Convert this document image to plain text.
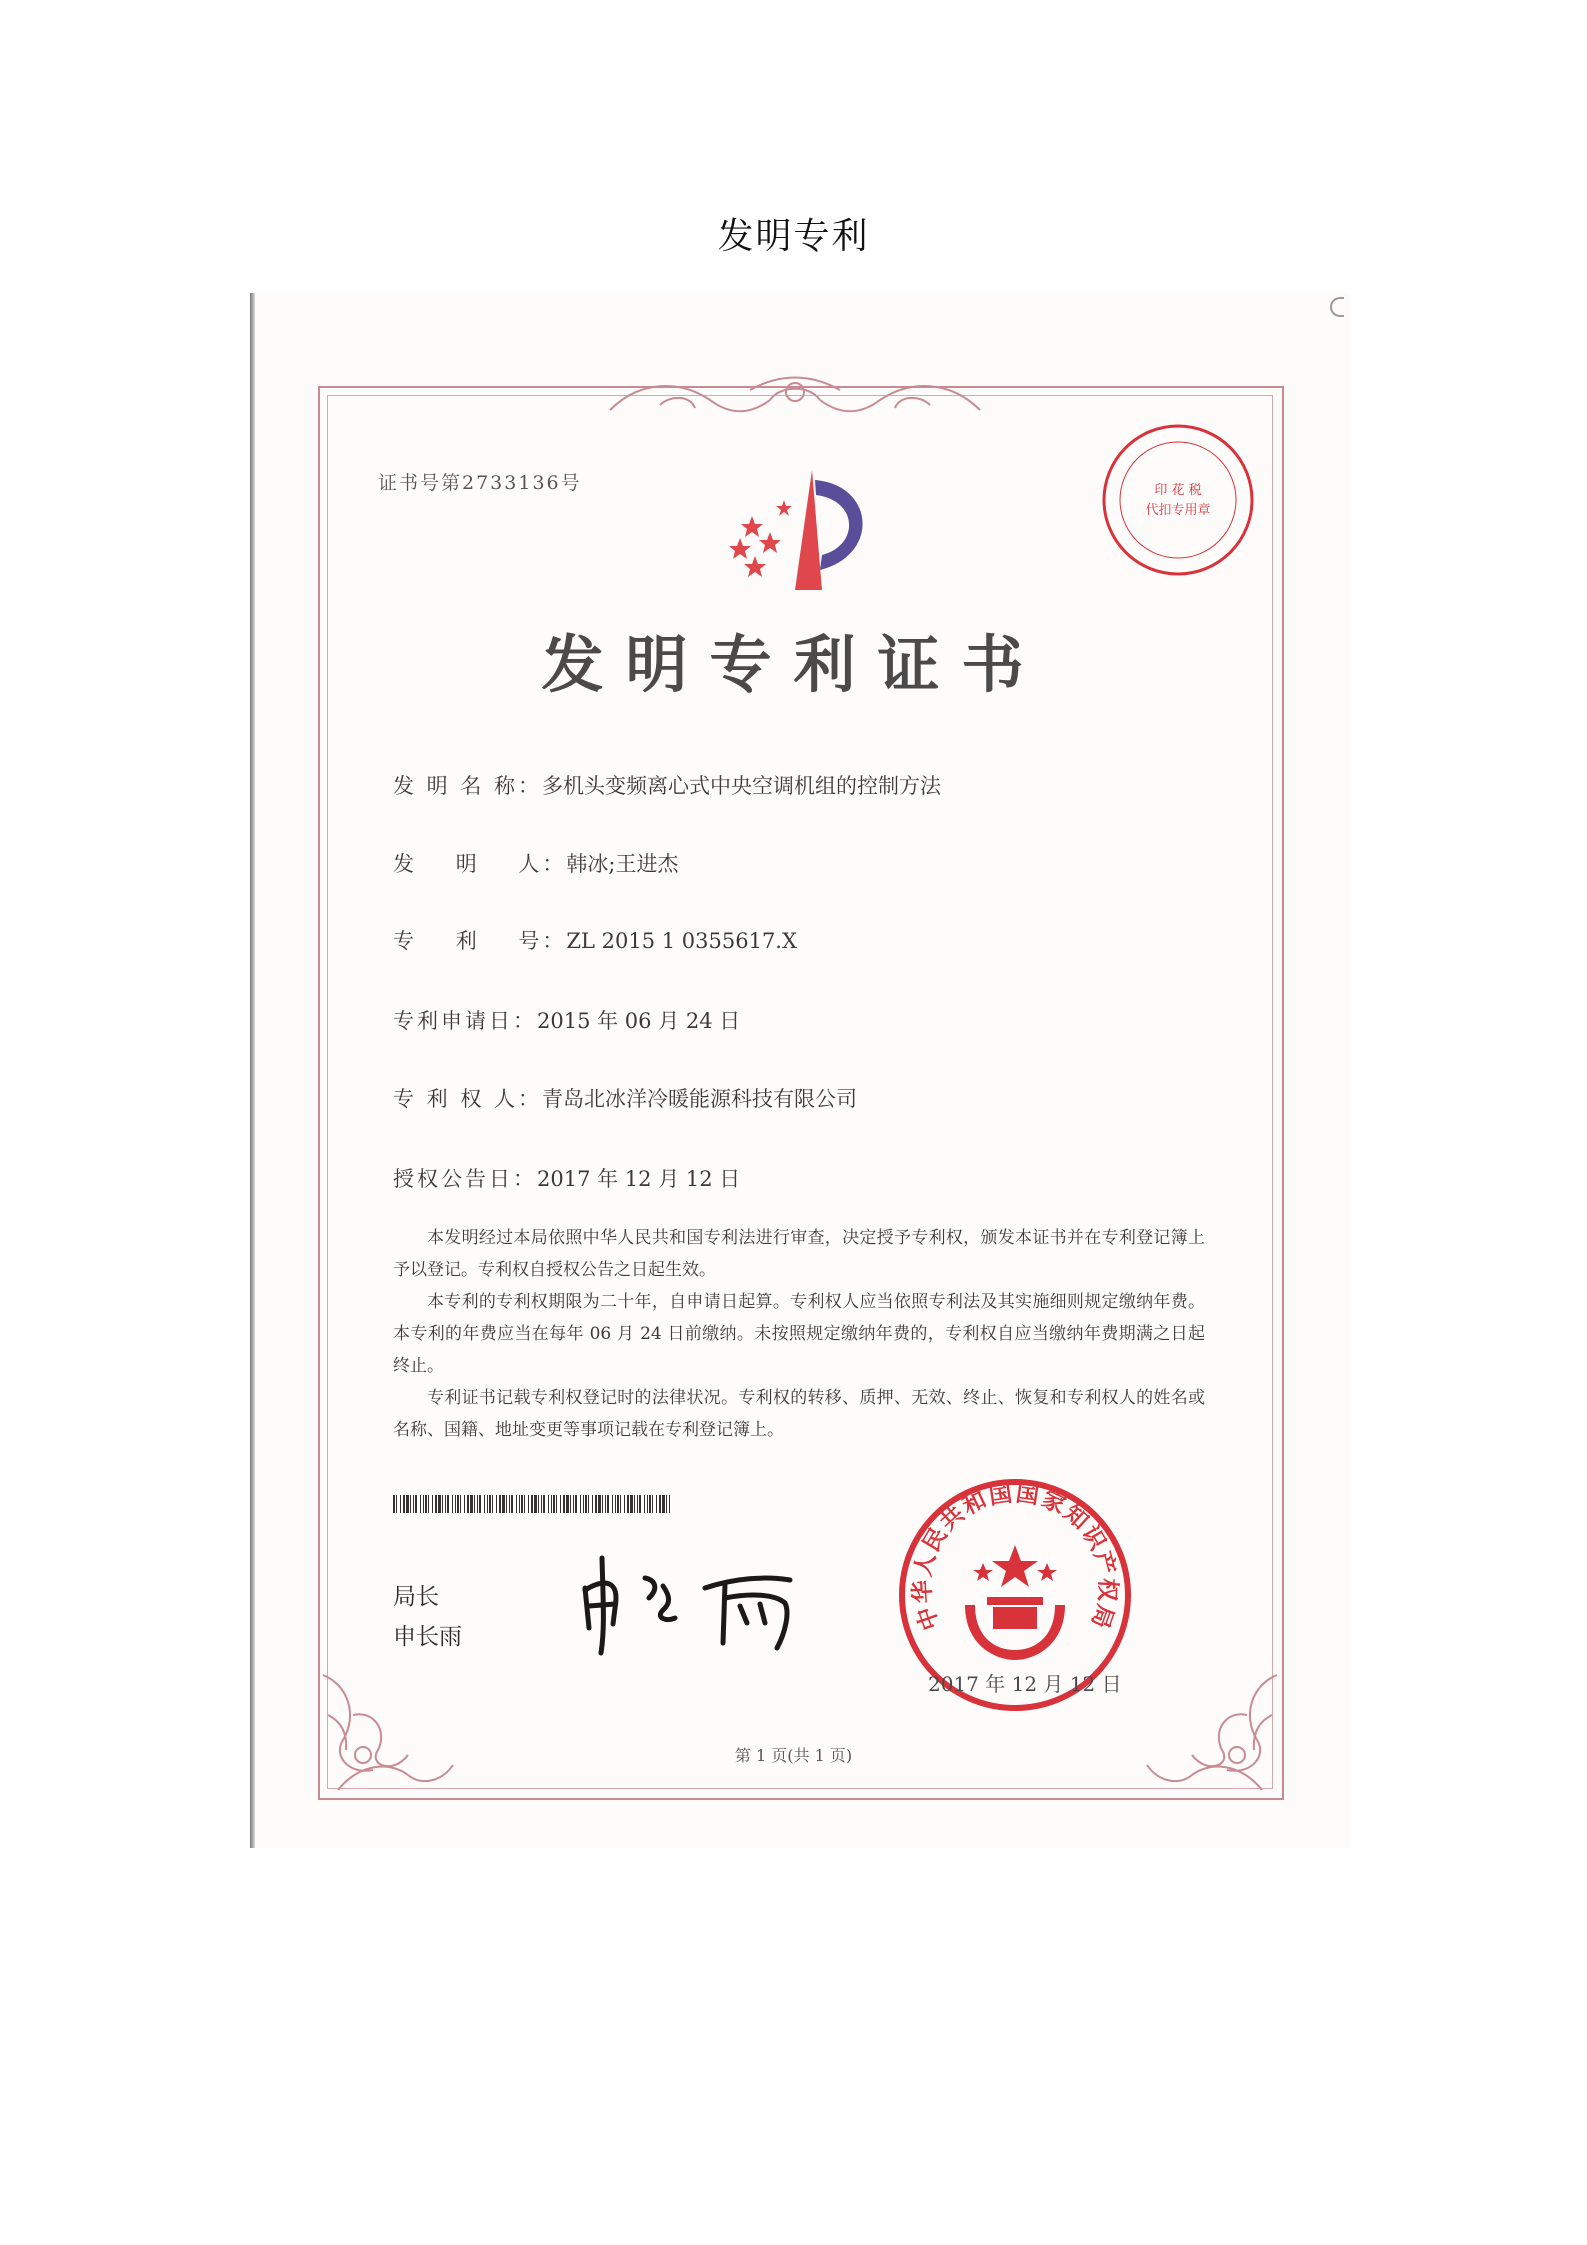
发明专利
证书号第2733136号	印 花 税
代扣专用章
发明专利证书
发 明 名 称：多机头变频离心式中央空调机组的控制方法
发    明    人：韩冰;王进杰
专    利    号：ZL 2015 1 0355617.X
专利申请日：2015 年 06 月 24 日
专 利 权 人：青岛北冰洋冷暖能源科技有限公司
授权公告日：2017 年 12 月 12 日

本发明经过本局依照中华人民共和国专利法进行审查，决定授予专利权，颁发本证书并在专利登记簿上予以登记。专利权自授权公告之日起生效。

本专利的专利权期限为二十年，自申请日起算。专利权人应当依照专利法及其实施细则规定缴纳年费。本专利的年费应当在每年 06 月 24 日前缴纳。未按照规定缴纳年费的，专利权自应当缴纳年费期满之日起终止。

专利证书记载专利权登记时的法律状况。专利权的转移、质押、无效、终止、恢复和专利权人的姓名或名称、国籍、地址变更等事项记载在专利登记簿上。

局长
申长雨
中华人民共和国国家知识产权局
2017 年 12 月 12 日
第 1 页(共 1 页)
